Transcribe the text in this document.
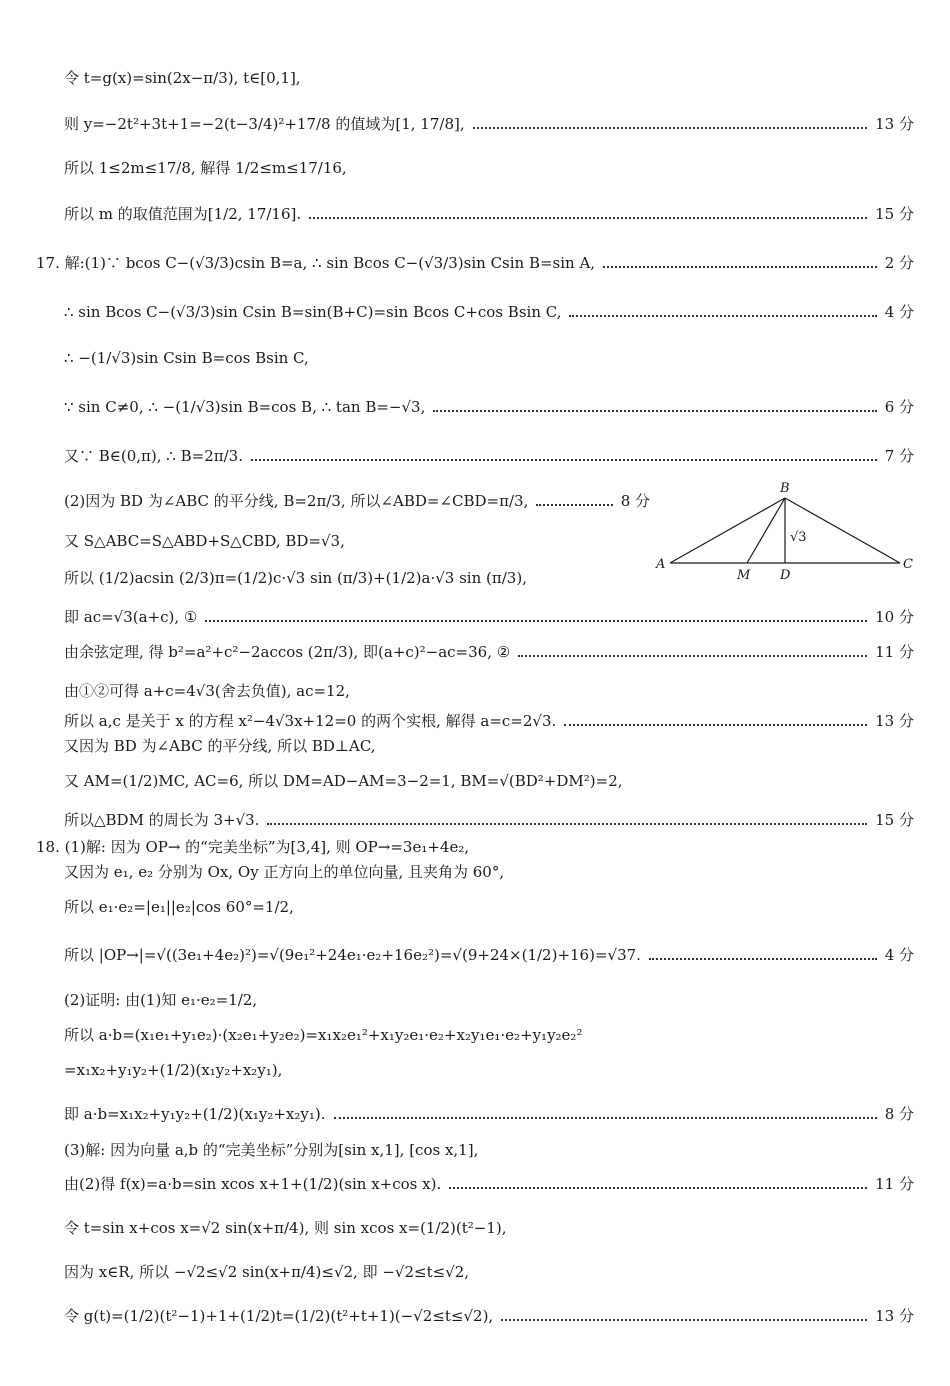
令 t=g(x)=sin(2x−π/3), t∈[0,1],
则 y=−2t²+3t+1=−2(t−3/4)²+17/8 的值域为[1, 17/8],	13 分
所以 1≤2m≤17/8, 解得 1/2≤m≤17/16,
所以 m 的取值范围为[1/2, 17/16].	15 分
17. 解:(1)∵ bcos C−(√3/3)csin B=a, ∴ sin Bcos C−(√3/3)sin Csin B=sin A,	2 分
∴ sin Bcos C−(√3/3)sin Csin B=sin(B+C)=sin Bcos C+cos Bsin C,	4 分
∴ −(1/√3)sin Csin B=cos Bsin C,
∵ sin C≠0, ∴ −(1/√3)sin B=cos B, ∴ tan B=−√3,	6 分
又∵ B∈(0,π), ∴ B=2π/3.	7 分
(2)因为 BD 为∠ABC 的平分线, B=2π/3, 所以∠ABD=∠CBD=π/3,	8 分
又 S△ABC=S△ABD+S△CBD, BD=√3,
所以 (1/2)acsin (2/3)π=(1/2)c·√3 sin (π/3)+(1/2)a·√3 sin (π/3),
即 ac=√3(a+c), ①	10 分
由余弦定理, 得 b²=a²+c²−2accos (2π/3), 即(a+c)²−ac=36, ②	11 分
由①②可得 a+c=4√3(舍去负值), ac=12,
所以 a,c 是关于 x 的方程 x²−4√3x+12=0 的两个实根, 解得 a=c=2√3.	13 分
又因为 BD 为∠ABC 的平分线, 所以 BD⊥AC,
又 AM=(1/2)MC, AC=6, 所以 DM=AD−AM=3−2=1, BM=√(BD²+DM²)=2,
所以△BDM 的周长为 3+√3.	15 分
18. (1)解: 因为 OP→ 的“完美坐标”为[3,4], 则 OP→=3e₁+4e₂,
又因为 e₁, e₂ 分别为 Ox, Oy 正方向上的单位向量, 且夹角为 60°,
所以 e₁·e₂=|e₁||e₂|cos 60°=1/2,
所以 |OP→|=√((3e₁+4e₂)²)=√(9e₁²+24e₁·e₂+16e₂²)=√(9+24×(1/2)+16)=√37.	4 分
(2)证明: 由(1)知 e₁·e₂=1/2,
所以 a·b=(x₁e₁+y₁e₂)·(x₂e₁+y₂e₂)=x₁x₂e₁²+x₁y₂e₁·e₂+x₂y₁e₁·e₂+y₁y₂e₂²
=x₁x₂+y₁y₂+(1/2)(x₁y₂+x₂y₁),
即 a·b=x₁x₂+y₁y₂+(1/2)(x₁y₂+x₂y₁).	8 分
(3)解: 因为向量 a,b 的“完美坐标”分别为[sin x,1], [cos x,1],
由(2)得 f(x)=a·b=sin xcos x+1+(1/2)(sin x+cos x).	11 分
令 t=sin x+cos x=√2 sin(x+π/4), 则 sin xcos x=(1/2)(t²−1),
因为 x∈R, 所以 −√2≤√2 sin(x+π/4)≤√2, 即 −√2≤t≤√2,
令 g(t)=(1/2)(t²−1)+1+(1/2)t=(1/2)(t²+t+1)(−√2≤t≤√2),	13 分
B
A	C
M D
√3
